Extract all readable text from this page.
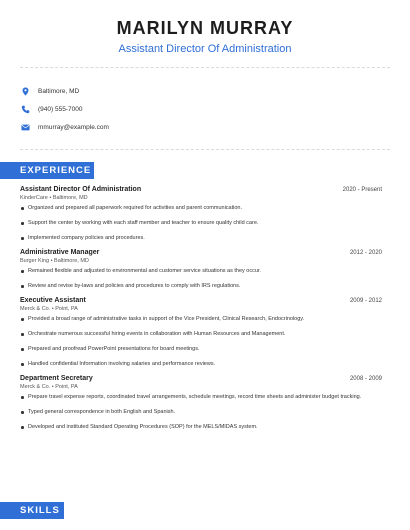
MARILYN MURRAY
Assistant Director Of Administration
Baltimore, MD
(940) 555-7000
mmurray@example.com
EXPERIENCE
Assistant Director Of Administration	2020 - Present
KinderCare • Baltimore, MD
Organized and prepared all paperwork required for activities and parent communication.
Support the center by working with each staff member and teacher to ensure quality child care.
Implemented company policies and procedures.
Administrative Manager	2012 - 2020
Burger King • Baltimore, MD
Remained flexible and adjusted to environmental and customer service situations as they occur.
Review and revise by-laws and policies and procedures to comply with IRS regulations.
Executive Assistant	2009 - 2012
Merck & Co. • Point, PA
Provided a broad range of administrative tasks in support of the Vice President, Clinical Research, Endocrinology.
Orchestrate numerous successful hiring events in collaboration with Human Resources and Management.
Prepared and proofread PowerPoint presentations for board meetings.
Handled confidential Information involving salaries and performance reviews.
Department Secretary	2008 - 2009
Merck & Co. • Point, PA
Prepare travel expense reports, coordinated travel arrangements, schedule meetings, record time sheets and administer budget tracking.
Typed general correspondence in both English and Spanish.
Developed and instituted Standard Operating Procedures (SOP) for the MELS/MIDAS system.
SKILLS
